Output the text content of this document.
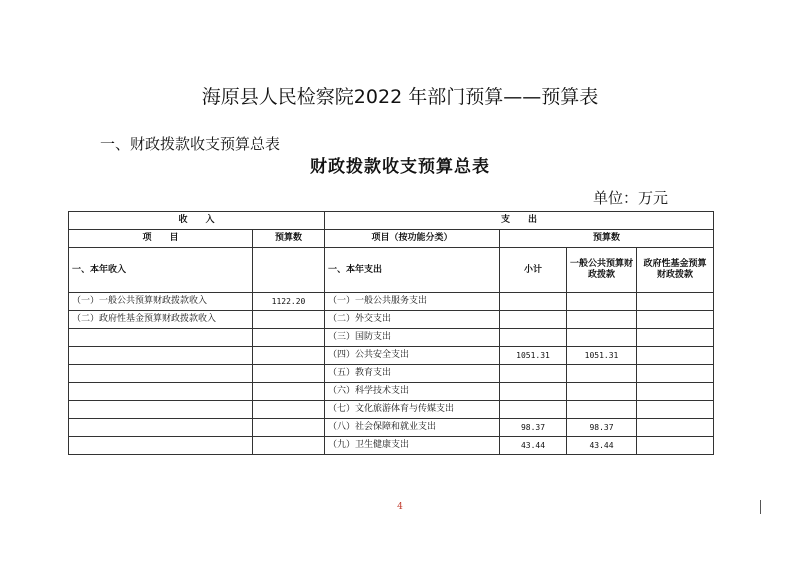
海原县人民检察院2022 年部门预算——预算表
一、财政拨款收支预算总表
财政拨款收支预算总表
单位：万元
收　　入		支　　出			
项　　目	预算数	项目（按功能分类）	预算数		
一、本年收入		一、本年支出	小计	一般公共预算财政拨款	政府性基金预算财政拨款
（一）一般公共预算财政拨款收入	1122.20	（一）一般公共服务支出			
（二）政府性基金预算财政拨款收入		（二）外交支出			
		（三）国防支出			
		（四）公共安全支出	1051.31	1051.31	
		（五）教育支出			
		（六）科学技术支出			
		（七）文化旅游体育与传媒支出			
		（八）社会保障和就业支出	98.37	98.37	
		（九）卫生健康支出	43.44	43.44	
4
